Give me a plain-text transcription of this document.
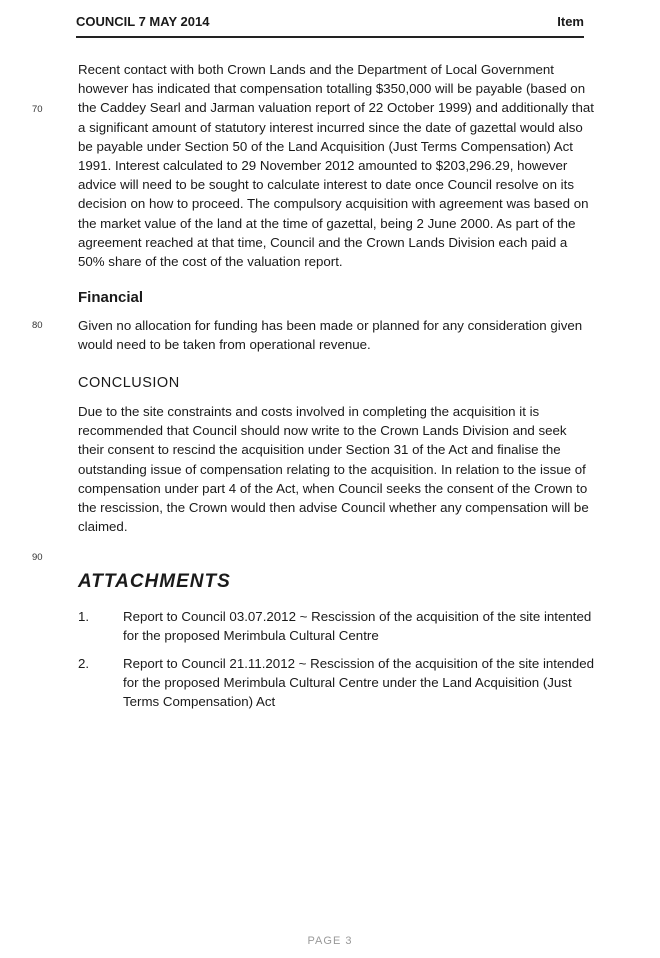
COUNCIL 7 MAY 2014	Item
70
80
90

Recent contact with both Crown Lands and the Department of Local Government however has indicated that compensation totalling $350,000 will be payable (based on the Caddey Searl and Jarman valuation report of 22 October 1999) and additionally that a significant amount of statutory interest incurred since the date of gazettal would also be payable under Section 50 of the Land Acquisition (Just Terms Compensation) Act 1991. Interest calculated to 29 November 2012 amounted to $203,296.29, however advice will need to be sought to calculate interest to date once Council resolve on its decision on how to proceed. The compulsory acquisition with agreement was based on the market value of the land at the time of gazettal, being 2 June 2000. As part of the agreement reached at that time, Council and the Crown Lands Division each paid a 50% share of the cost of the valuation report.

Financial

Given no allocation for funding has been made or planned for any consideration given would need to be taken from operational revenue.

CONCLUSION

Due to the site constraints and costs involved in completing the acquisition it is recommended that Council should now write to the Crown Lands Division and seek their consent to rescind the acquisition under Section 31 of the Act and finalise the outstanding issue of compensation relating to the acquisition. In relation to the issue of compensation under part 4 of the Act, when Council seeks the consent of the Crown to the rescission, the Crown would then advise Council whether any compensation will be claimed.

ATTACHMENTS
1.	Report to Council 03.07.2012 ~ Rescission of the acquisition of the site intented for the proposed Merimbula Cultural Centre
2.	Report to Council 21.11.2012 ~ Rescission of the acquisition of the site intended for the proposed Merimbula Cultural Centre under the Land Acquisition (Just Terms Compensation) Act
PAGE 3
